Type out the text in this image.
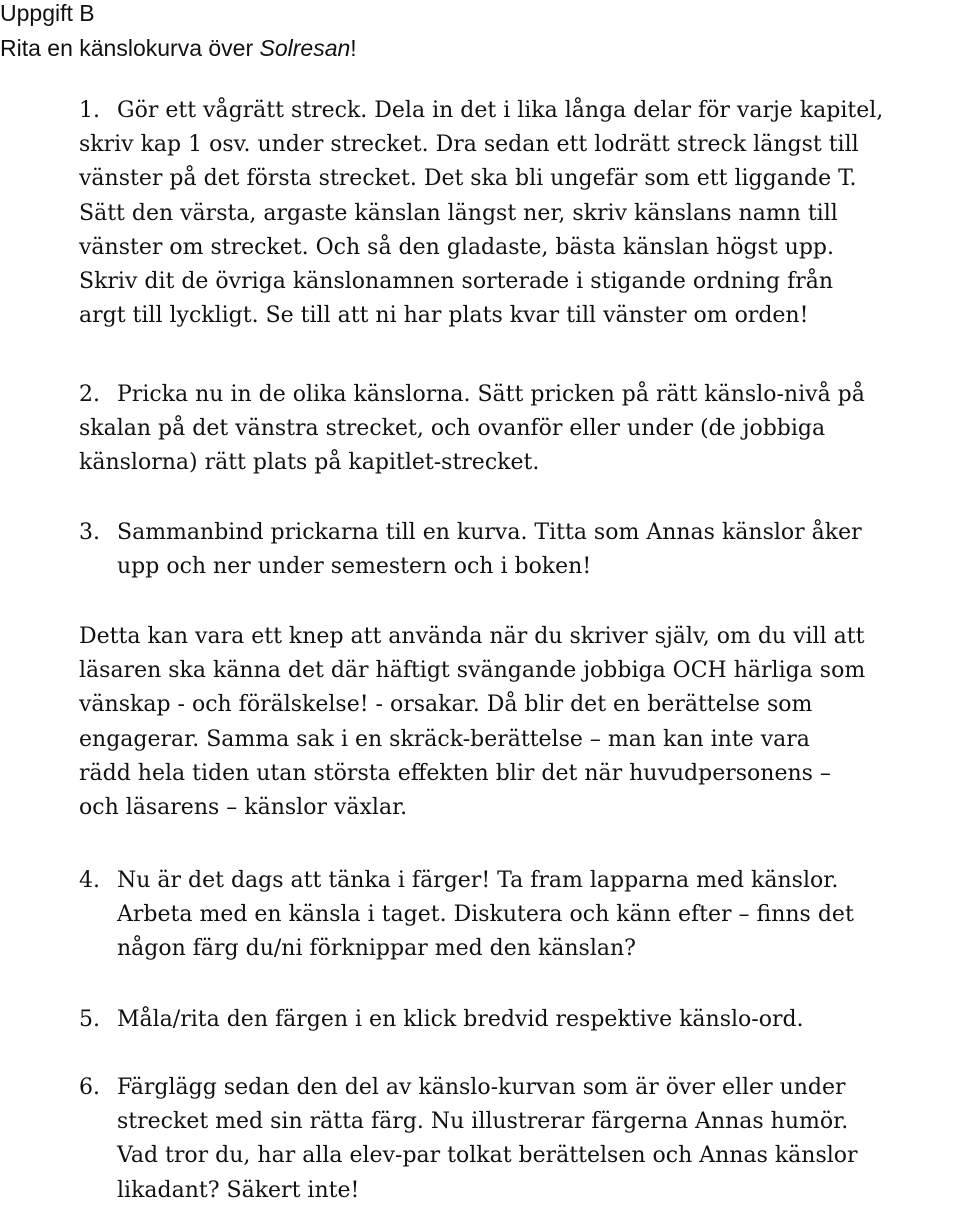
Uppgift B
Rita en känslokurva över Solresan!
1. Gör ett vågrätt streck. Dela in det i lika långa delar för varje kapitel,
skriv kap 1 osv. under strecket. Dra sedan ett lodrätt streck längst till
vänster på det första strecket. Det ska bli ungefär som ett liggande T.
Sätt den värsta, argaste känslan längst ner, skriv känslans namn till
vänster om strecket. Och så den gladaste, bästa känslan högst upp.
Skriv dit de övriga känslonamnen sorterade i stigande ordning från
argt till lyckligt. Se till att ni har plats kvar till vänster om orden!
2. Pricka nu in de olika känslorna. Sätt pricken på rätt känslo-nivå på
skalan på det vänstra strecket, och ovanför eller under (de jobbiga
känslorna) rätt plats på kapitlet-strecket.
3. Sammanbind prickarna till en kurva. Titta som Annas känslor åker
upp och ner under semestern och i boken!
Detta kan vara ett knep att använda när du skriver själv, om du vill att
läsaren ska känna det där häftigt svängande jobbiga OCH härliga som
vänskap - och förälskelse! - orsakar. Då blir det en berättelse som
engagerar. Samma sak i en skräck-berättelse – man kan inte vara
rädd hela tiden utan största effekten blir det när huvudpersonens –
och läsarens – känslor växlar.
4. Nu är det dags att tänka i färger! Ta fram lapparna med känslor.
Arbeta med en känsla i taget. Diskutera och känn efter – finns det
någon färg du/ni förknippar med den känslan?
5. Måla/rita den färgen i en klick bredvid respektive känslo-ord.
6. Färglägg sedan den del av känslo-kurvan som är över eller under
strecket med sin rätta färg. Nu illustrerar färgerna Annas humör.
Vad tror du, har alla elev-par tolkat berättelsen och Annas känslor
likadant? Säkert inte!
